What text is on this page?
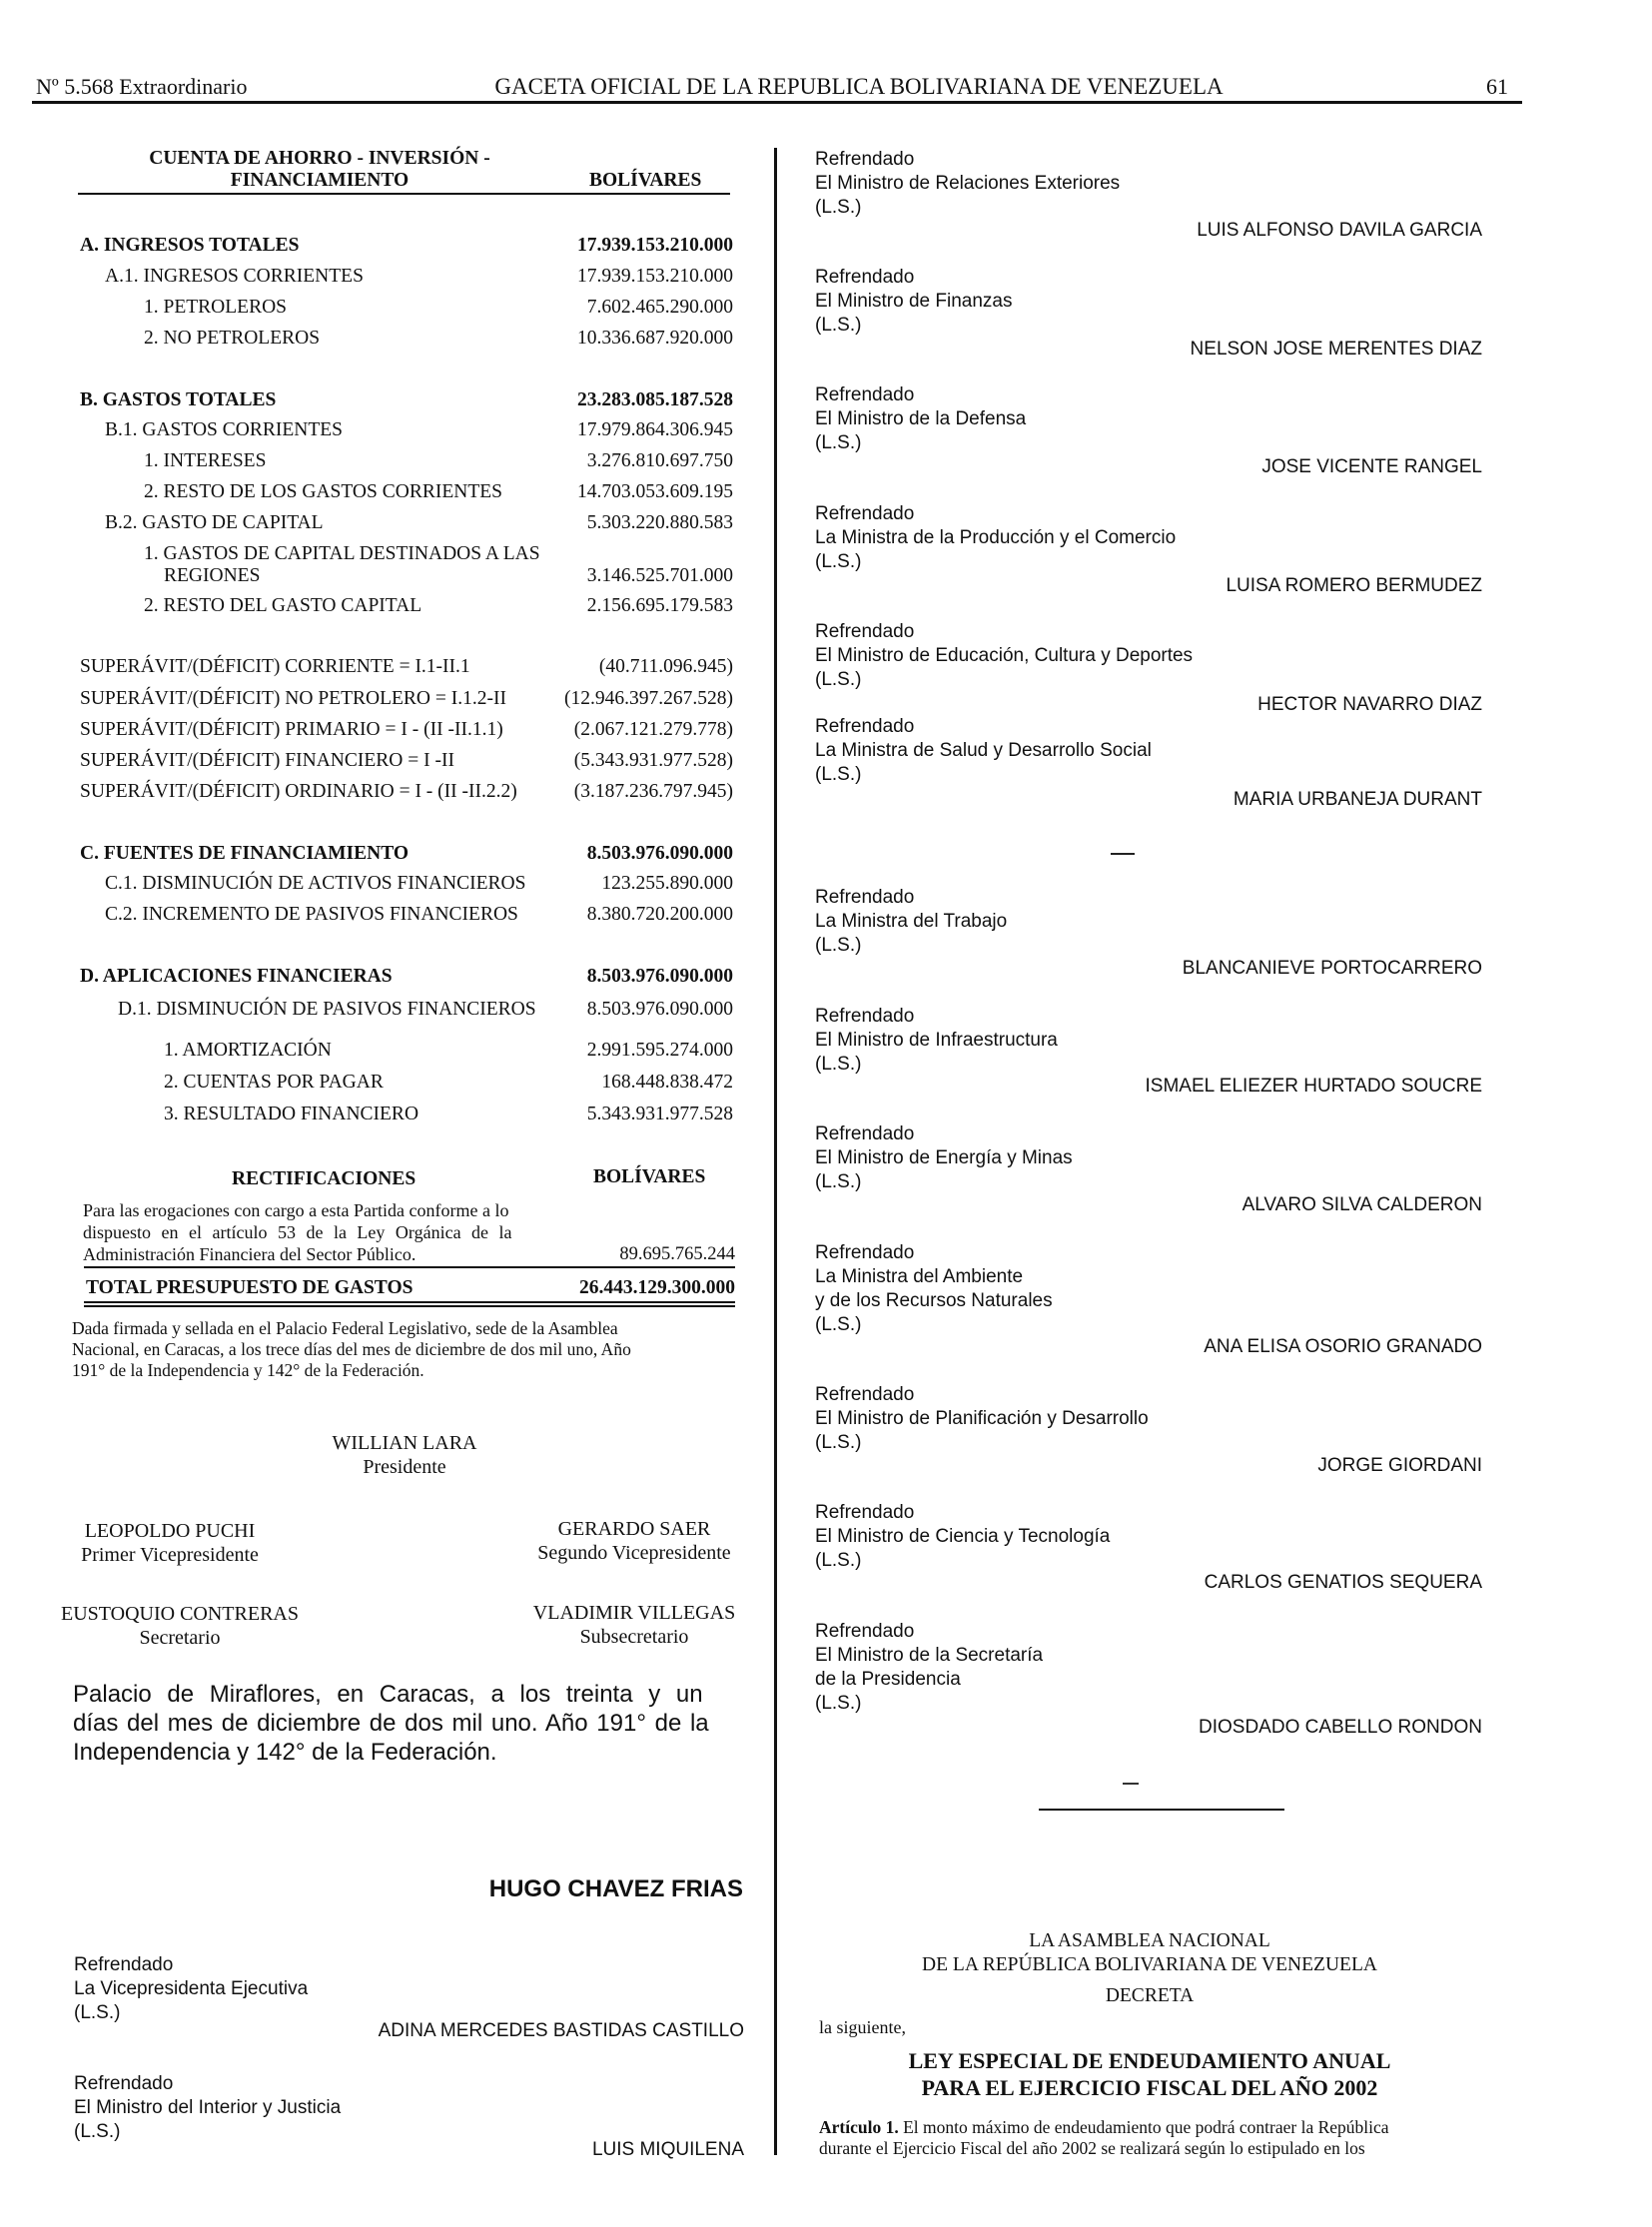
Nº 5.568 Extraordinario	GACETA OFICIAL DE LA REPUBLICA BOLIVARIANA DE VENEZUELA	61
CUENTA DE AHORRO - INVERSIÓN -
FINANCIAMIENTO	BOLÍVARES
A. INGRESOS TOTALES	17.939.153.210.000
A.1. INGRESOS CORRIENTES	17.939.153.210.000
1. PETROLEROS	7.602.465.290.000
2. NO PETROLEROS	10.336.687.920.000
B. GASTOS TOTALES	23.283.085.187.528
B.1. GASTOS CORRIENTES	17.979.864.306.945
1. INTERESES	3.276.810.697.750
2. RESTO DE LOS GASTOS CORRIENTES	14.703.053.609.195
B.2. GASTO DE CAPITAL	5.303.220.880.583
1. GASTOS DE CAPITAL DESTINADOS A LAS
REGIONES	3.146.525.701.000
2. RESTO DEL GASTO CAPITAL	2.156.695.179.583
SUPERÁVIT/(DÉFICIT) CORRIENTE = I.1-II.1	(40.711.096.945)
SUPERÁVIT/(DÉFICIT) NO PETROLERO = I.1.2-II	(12.946.397.267.528)
SUPERÁVIT/(DÉFICIT) PRIMARIO = I - (II -II.1.1)	(2.067.121.279.778)
SUPERÁVIT/(DÉFICIT) FINANCIERO = I -II	(5.343.931.977.528)
SUPERÁVIT/(DÉFICIT) ORDINARIO = I - (II -II.2.2)	(3.187.236.797.945)
C. FUENTES DE FINANCIAMIENTO	8.503.976.090.000
C.1. DISMINUCIÓN DE ACTIVOS FINANCIEROS	123.255.890.000
C.2. INCREMENTO DE PASIVOS FINANCIEROS	8.380.720.200.000
D. APLICACIONES FINANCIERAS	8.503.976.090.000
D.1. DISMINUCIÓN DE PASIVOS FINANCIEROS	8.503.976.090.000
1. AMORTIZACIÓN	2.991.595.274.000
2. CUENTAS POR PAGAR	168.448.838.472
3. RESULTADO FINANCIERO	5.343.931.977.528
RECTIFICACIONES	BOLÍVARES
Para las erogaciones con cargo a esta Partida conforme a lo
dispuesto en el artículo 53 de la Ley Orgánica de la
Administración Financiera del Sector Público.	89.695.765.244
TOTAL PRESUPUESTO DE GASTOS	26.443.129.300.000
Dada firmada y sellada en el Palacio Federal Legislativo, sede de la Asamblea
Nacional, en Caracas, a los trece días del mes de diciembre de dos mil uno, Año
191° de la Independencia y 142° de la Federación.
WILLIAN LARA
Presidente
LEOPOLDO PUCHI
Primer Vicepresidente
GERARDO SAER
Segundo Vicepresidente
EUSTOQUIO CONTRERAS
Secretario
VLADIMIR VILLEGAS
Subsecretario
Palacio de Miraflores, en Caracas, a los treinta y un
días del mes de diciembre de dos mil uno. Año 191° de la
Independencia y 142° de la Federación.
HUGO CHAVEZ FRIAS
Refrendado
La Vicepresidenta Ejecutiva
(L.S.)
ADINA MERCEDES BASTIDAS CASTILLO
Refrendado
El Ministro del Interior y Justicia
(L.S.)
LUIS MIQUILENA
Refrendado
El Ministro de Relaciones Exteriores
(L.S.)
LUIS ALFONSO DAVILA GARCIA
Refrendado
El Ministro de Finanzas
(L.S.)
NELSON JOSE MERENTES DIAZ
Refrendado
El Ministro de la Defensa
(L.S.)
JOSE VICENTE RANGEL
Refrendado
La Ministra de la Producción y el Comercio
(L.S.)
LUISA ROMERO BERMUDEZ
Refrendado
El Ministro de Educación, Cultura y Deportes
(L.S.)
HECTOR NAVARRO DIAZ
Refrendado
La Ministra de Salud y Desarrollo Social
(L.S.)
MARIA URBANEJA DURANT
Refrendado
La Ministra del Trabajo
(L.S.)
BLANCANIEVE PORTOCARRERO
Refrendado
El Ministro de Infraestructura
(L.S.)
ISMAEL ELIEZER HURTADO SOUCRE
Refrendado
El Ministro de Energía y Minas
(L.S.)
ALVARO SILVA CALDERON
Refrendado
La Ministra del Ambiente
y de los Recursos Naturales
(L.S.)
ANA ELISA OSORIO GRANADO
Refrendado
El Ministro de Planificación y Desarrollo
(L.S.)
JORGE GIORDANI
Refrendado
El Ministro de Ciencia y Tecnología
(L.S.)
CARLOS GENATIOS SEQUERA
Refrendado
El Ministro de la Secretaría
de la Presidencia
(L.S.)
DIOSDADO CABELLO RONDON
LA ASAMBLEA NACIONAL
DE LA REPÚBLICA BOLIVARIANA DE VENEZUELA
DECRETA
la siguiente,
LEY ESPECIAL DE ENDEUDAMIENTO ANUAL
PARA EL EJERCICIO FISCAL DEL AÑO 2002
Artículo 1. El monto máximo de endeudamiento que podrá contraer la República
durante el Ejercicio Fiscal del año 2002 se realizará según lo estipulado en los
